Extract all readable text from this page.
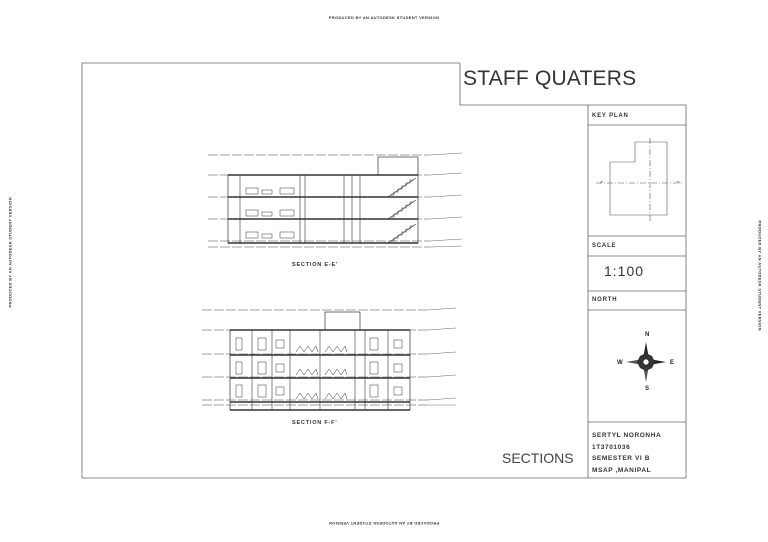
PRODUCED BY AN AUTODESK STUDENT VERSION
PRODUCED BY AN AUTODESK STUDENT VERSION
PRODUCED BY AN AUTODESK STUDENT VERSION	PRODUCED BY AN AUTODESK STUDENT VERSION
N
S
W	E
STAFF QUATERS
KEY PLAN
SCALE
1:100
NORTH
SECTION E-E'
SECTION F-F'
SECTIONS
SERTYL NORONHA
1T3701036
SEMESTER VI B
MSAP ,MANIPAL
